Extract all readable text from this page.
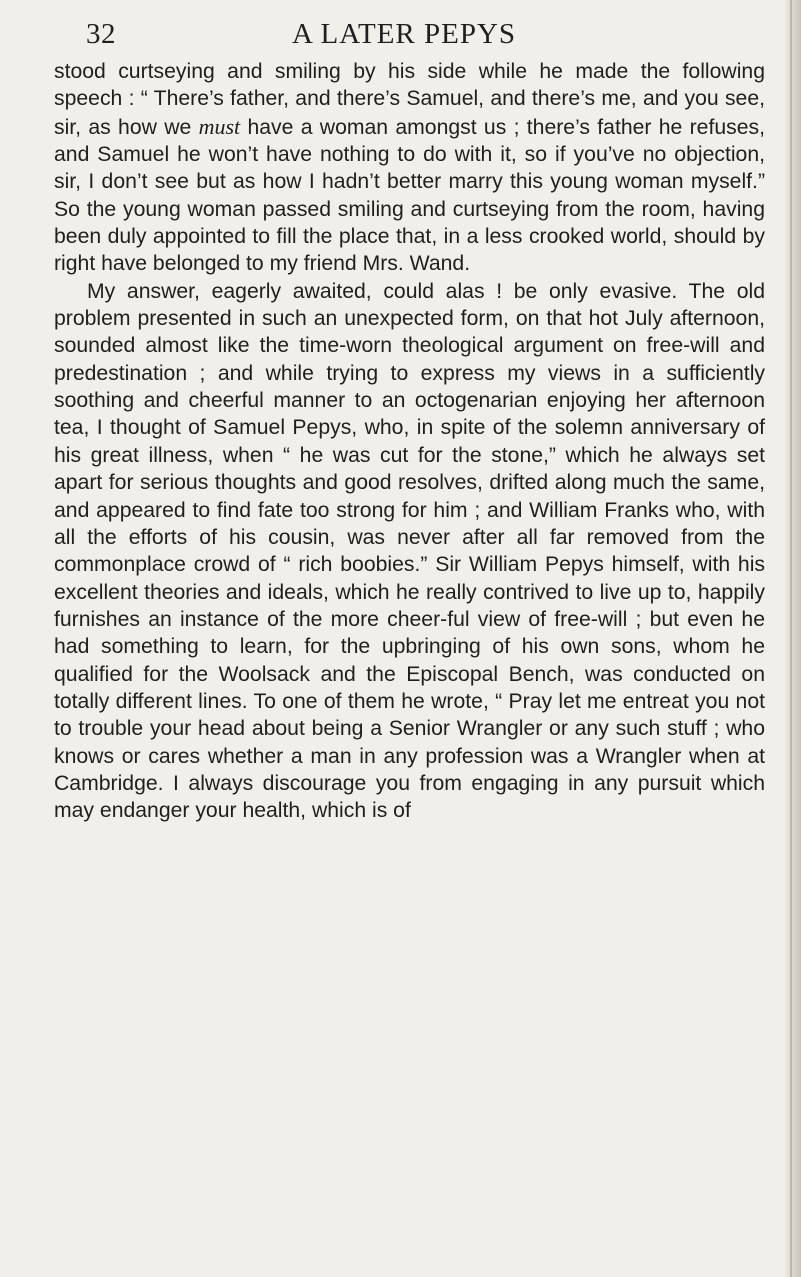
32	A LATER PEPYS

stood curtseying and smiling by his side while he made the following speech : “ There’s father, and there’s Samuel, and there’s me, and you see, sir, as how we must have a woman amongst us ; there’s father he refuses, and Samuel he won’t have nothing to do with it, so if you’ve no objection, sir, I don’t see but as how I hadn’t better marry this young woman myself.” So the young woman passed smiling and curtseying from the room, having been duly appointed to fill the place that, in a less crooked world, should by right have belonged to my friend Mrs. Wand.

My answer, eagerly awaited, could alas ! be only evasive. The old problem presented in such an unexpected form, on that hot July afternoon, sounded almost like the time-worn theological argument on free-will and predestination ; and while trying to express my views in a sufficiently soothing and cheerful manner to an octogenarian enjoying her afternoon tea, I thought of Samuel Pepys, who, in spite of the solemn anniversary of his great illness, when “ he was cut for the stone,” which he always set apart for serious thoughts and good resolves, drifted along much the same, and appeared to find fate too strong for him ; and William Franks who, with all the efforts of his cousin, was never after all far removed from the commonplace crowd of “ rich boobies.” Sir William Pepys himself, with his excellent theories and ideals, which he really contrived to live up to, happily furnishes an instance of the more cheer-ful view of free-will ; but even he had something to learn, for the upbringing of his own sons, whom he qualified for the Woolsack and the Episcopal Bench, was conducted on totally different lines. To one of them he wrote, “ Pray let me entreat you not to trouble your head about being a Senior Wrangler or any such stuff ; who knows or cares whether a man in any profession was a Wrangler when at Cambridge. I always discourage you from engaging in any pursuit which may endanger your health, which is of
